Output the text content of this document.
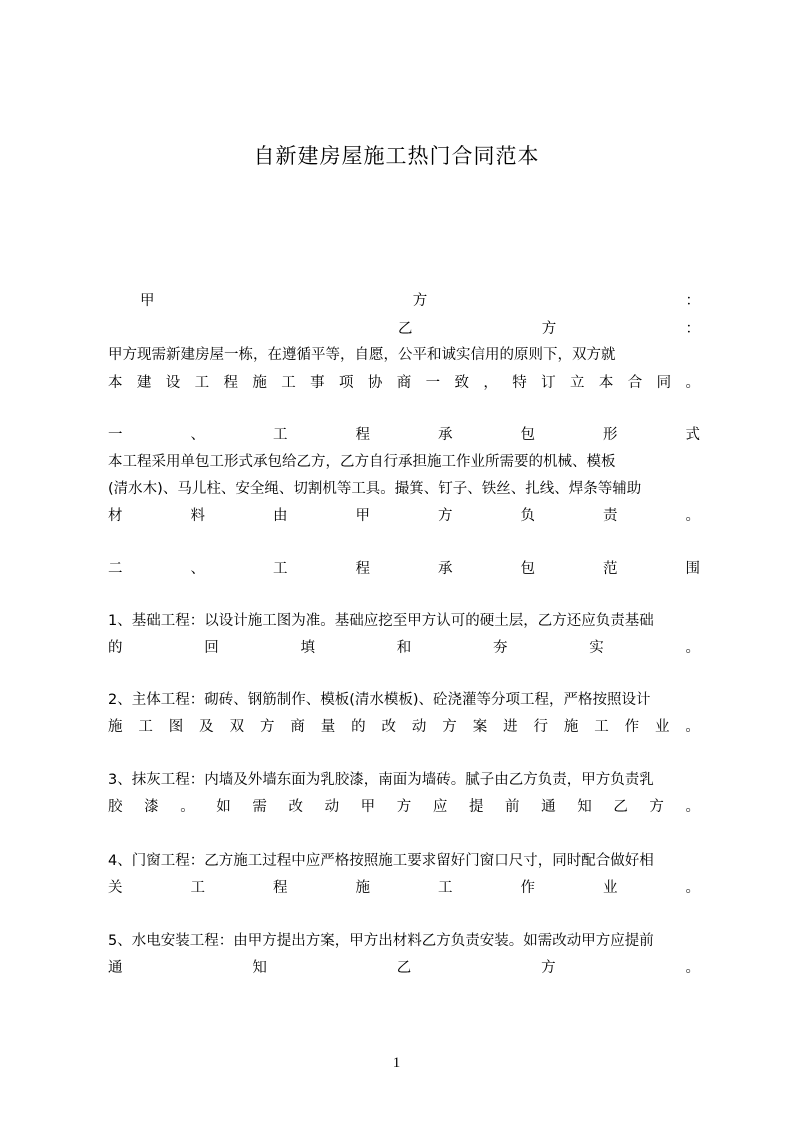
自新建房屋施工热门合同范本
甲	方	：
乙	方	：
甲方现需新建房屋一栋，在遵循平等，自愿，公平和诚实信用的原则下，双方就
本 建 设 工 程 施 工 事 项 协 商 一 致 ， 特 订 立 本 合 同 。
一	、	工	程	承	包	形	式
本工程采用单包工形式承包给乙方，乙方自行承担施工作业所需要的机械、模板
(清水木)、马儿柱、安全绳、切割机等工具。撮箕、钉子、铁丝、扎线、焊条等辅助
材	料	由	甲	方	负	责	。
二	、	工	程	承	包	范	围
1、基础工程：以设计施工图为准。基础应挖至甲方认可的硬土层，乙方还应负责基础
的	回	填	和	夯	实	。
2、主体工程：砌砖、钢筋制作、模板(清水模板)、砼浇灌等分项工程，严格按照设计
施 工 图 及 双 方 商 量 的 改 动 方 案 进 行 施 工 作 业 。
3、抹灰工程：内墙及外墙东面为乳胶漆，南面为墙砖。腻子由乙方负责，甲方负责乳
胶 漆 。 如 需 改 动 甲 方 应 提 前 通 知 乙 方 。
4、门窗工程：乙方施工过程中应严格按照施工要求留好门窗口尺寸，同时配合做好相
关	工	程	施	工	作	业	。
5、水电安装工程：由甲方提出方案，甲方出材料乙方负责安装。如需改动甲方应提前
通	知	乙	方	。
1
